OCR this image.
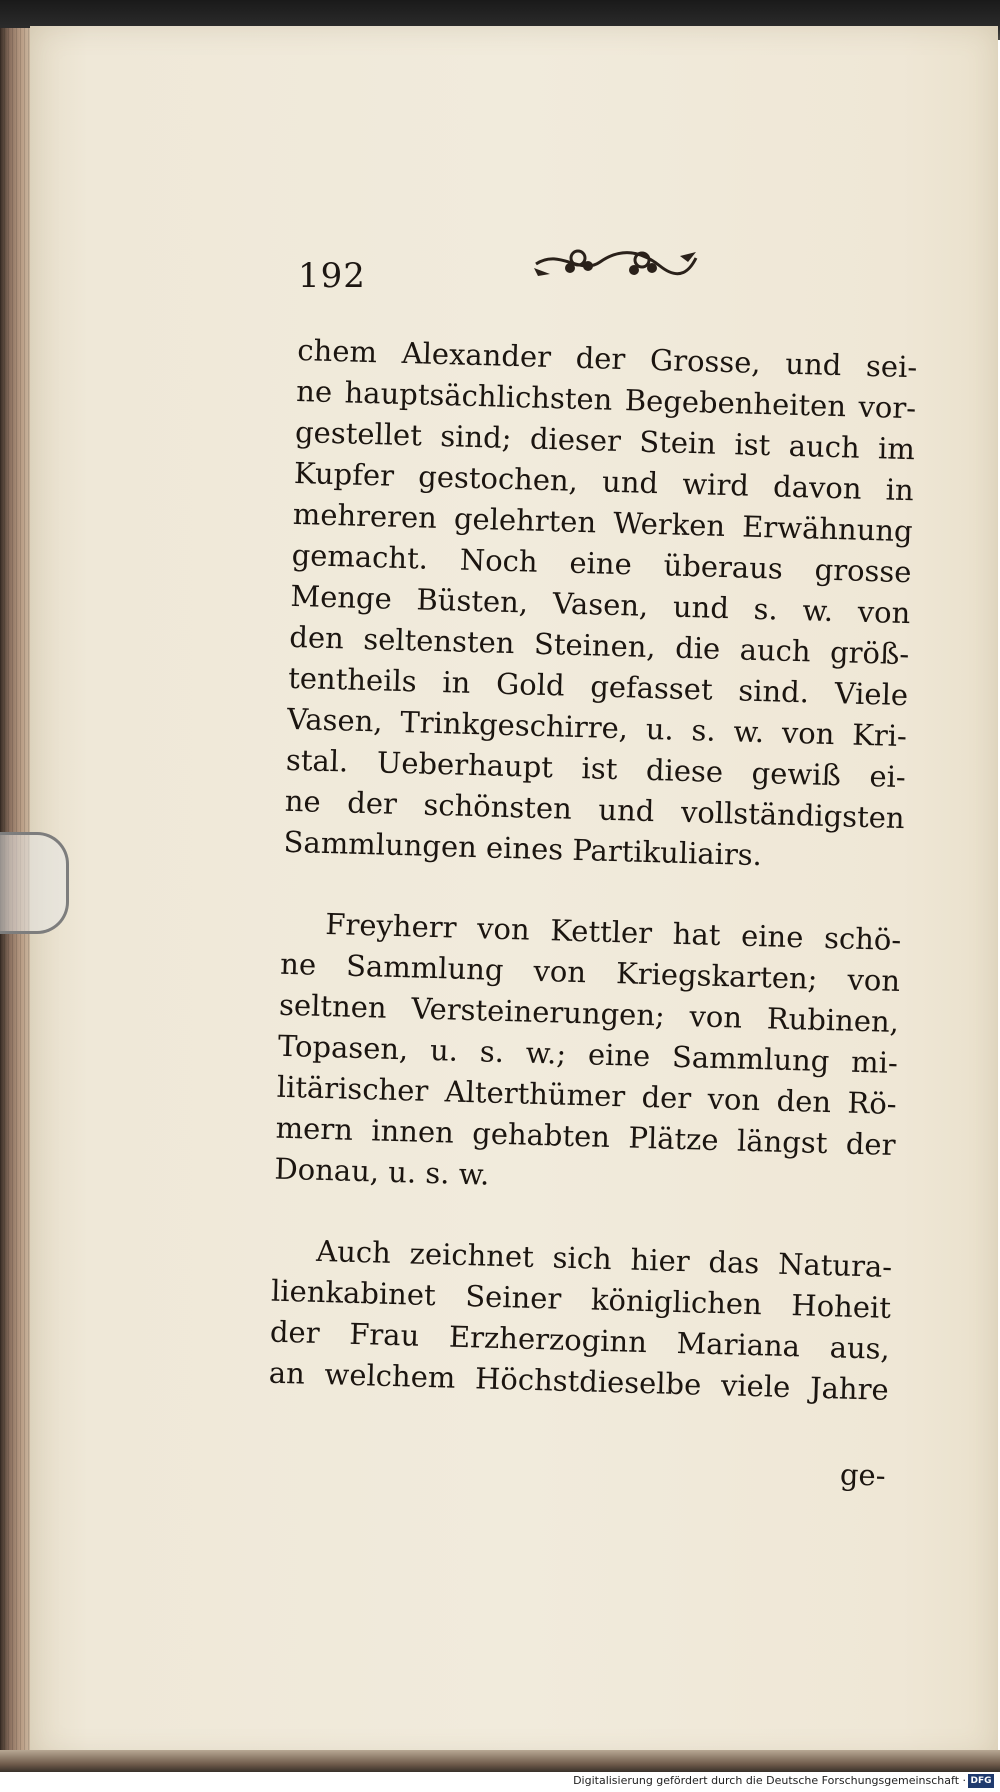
192
chem Alexander der Grosse, und sei-
ne hauptsächlichsten Begebenheiten vor-
gestellet sind; dieser Stein ist auch im
Kupfer gestochen, und wird davon in
mehreren gelehrten Werken Erwähnung
gemacht. Noch eine überaus grosse
Menge Büsten, Vasen, und s. w. von
den seltensten Steinen, die auch größ-
tentheils in Gold gefasset sind. Viele
Vasen, Trinkgeschirre, u. s. w. von Kri-
stal. Ueberhaupt ist diese gewiß ei-
ne der schönsten und vollständigsten
Sammlungen eines Partikuliairs.
Freyherr von Kettler hat eine schö-
ne Sammlung von Kriegskarten; von
seltnen Versteinerungen; von Rubinen,
Topasen, u. s. w.; eine Sammlung mi-
litärischer Alterthümer der von den Rö-
mern innen gehabten Plätze längst der
Donau, u. s. w.
Auch zeichnet sich hier das Natura-
lienkabinet Seiner königlichen Hoheit
der Frau Erzherzoginn Mariana aus,
an welchem Höchstdieselbe viele Jahre
ge-
Digitalisierung gefördert durch die Deutsche Forschungsgemeinschaft · DFG
